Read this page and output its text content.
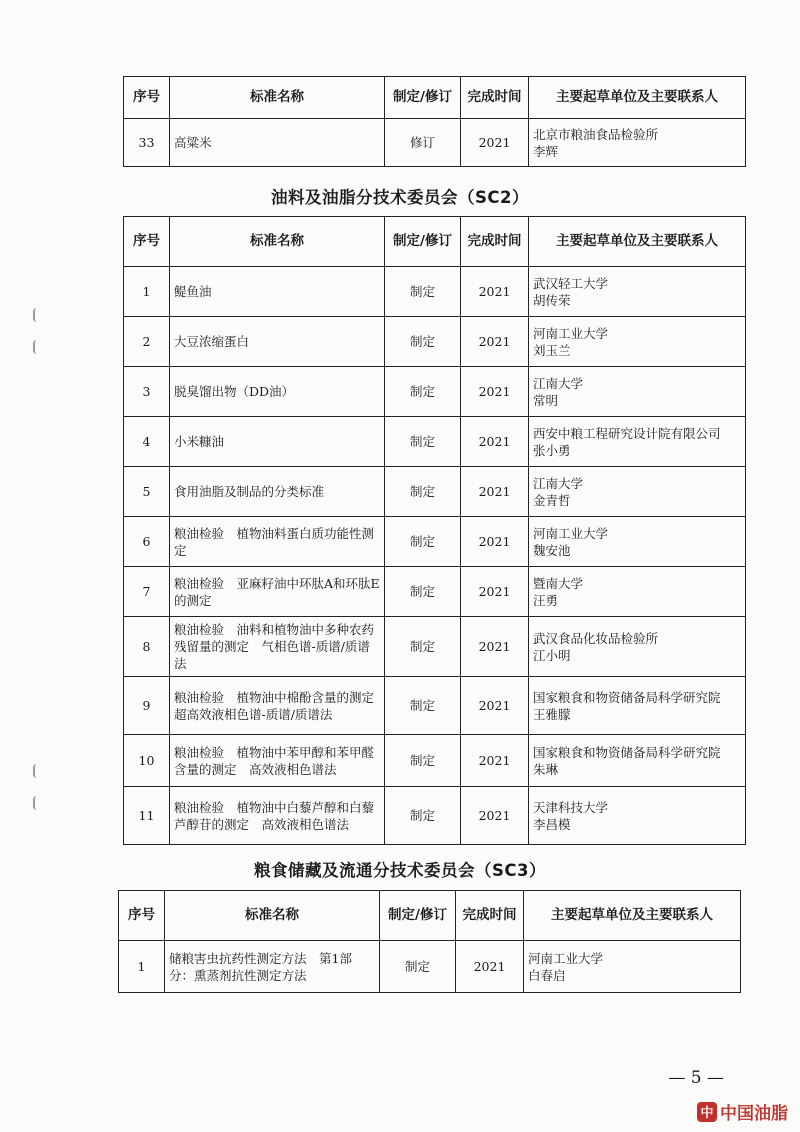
序号	标准名称	制定/修订	完成时间	主要起草单位及主要联系人
33	高粱米	修订	2021	北京市粮油食品检验所
李辉
油料及油脂分技术委员会（SC2）
序号	标准名称	制定/修订	完成时间	主要起草单位及主要联系人
1	鳀鱼油	制定	2021	武汉轻工大学
胡传荣

2	大豆浓缩蛋白	制定	2021	河南工业大学
刘玉兰

3	脱臭馏出物（DD油）	制定	2021	江南大学
常明

4	小米糠油	制定	2021	西安中粮工程研究设计院有限公司
张小勇

5	食用油脂及制品的分类标准	制定	2021	江南大学
金青哲

6	粮油检验　植物油料蛋白质功能性测定	制定	2021	河南工业大学
魏安池

7	粮油检验　亚麻籽油中环肽A和环肽E的测定	制定	2021	暨南大学
汪勇

8	粮油检验　油料和植物油中多种农药残留量的测定　气相色谱-质谱/质谱法	制定	2021	武汉食品化妆品检验所
江小明

9	粮油检验　植物油中棉酚含量的测定　超高效液相色谱-质谱/质谱法	制定	2021	国家粮食和物资储备局科学研究院
王雅朦

10	粮油检验　植物油中苯甲醇和苯甲醛含量的测定　高效液相色谱法	制定	2021	国家粮食和物资储备局科学研究院
朱琳

11	粮油检验　植物油中白藜芦醇和白藜芦醇苷的测定　高效液相色谱法	制定	2021	天津科技大学
李昌模
粮食储藏及流通分技术委员会（SC3）
序号	标准名称	制定/修订	完成时间	主要起草单位及主要联系人
1	储粮害虫抗药性测定方法　第1部分：熏蒸剂抗性测定方法	制定	2021	河南工业大学
白春启
— 5 —
中 中国油脂
